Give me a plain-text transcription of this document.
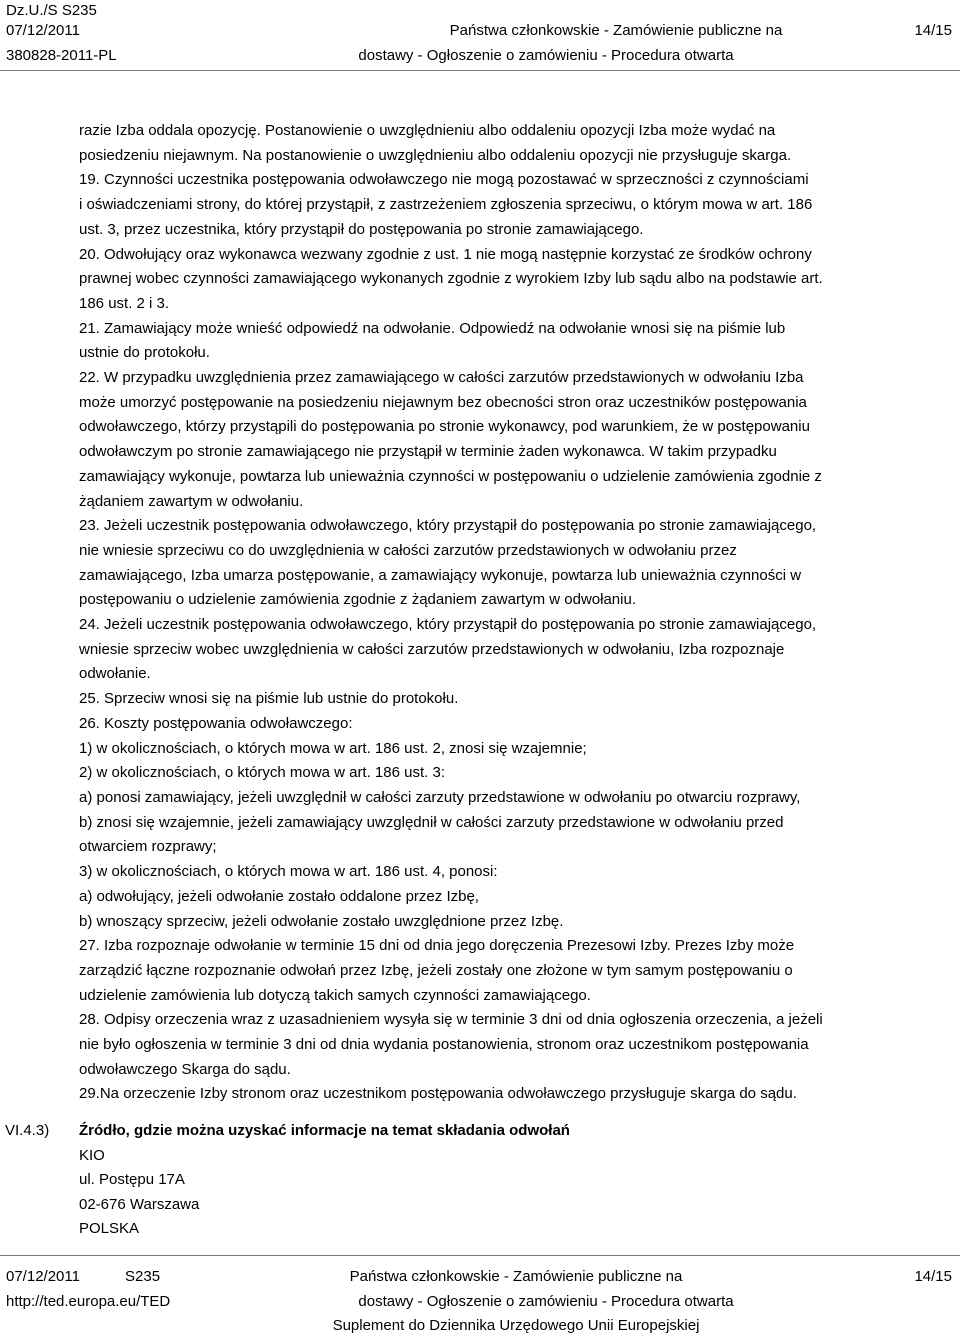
Dz.U./S S235
07/12/2011
380828-2011-PL
Państwa członkowskie - Zamówienie publiczne na
dostawy - Ogłoszenie o zamówieniu - Procedura otwarta
14/15

razie Izba oddala opozycję. Postanowienie o uwzględnieniu albo oddaleniu opozycji Izba może wydać na

posiedzeniu niejawnym. Na postanowienie o uwzględnieniu albo oddaleniu opozycji nie przysługuje skarga.

19. Czynności uczestnika postępowania odwoławczego nie mogą pozostawać w sprzeczności z czynnościami

i oświadczeniami strony, do której przystąpił, z zastrzeżeniem zgłoszenia sprzeciwu, o którym mowa w art. 186

ust. 3, przez uczestnika, który przystąpił do postępowania po stronie zamawiającego.

20. Odwołujący oraz wykonawca wezwany zgodnie z ust. 1 nie mogą następnie korzystać ze środków ochrony

prawnej wobec czynności zamawiającego wykonanych zgodnie z wyrokiem Izby lub sądu albo na podstawie art.

186 ust. 2 i 3.

21. Zamawiający może wnieść odpowiedź na odwołanie. Odpowiedź na odwołanie wnosi się na piśmie lub

ustnie do protokołu.

22. W przypadku uwzględnienia przez zamawiającego w całości zarzutów przedstawionych w odwołaniu Izba

może umorzyć postępowanie na posiedzeniu niejawnym bez obecności stron oraz uczestników postępowania

odwoławczego, którzy przystąpili do postępowania po stronie wykonawcy, pod warunkiem, że w postępowaniu

odwoławczym po stronie zamawiającego nie przystąpił w terminie żaden wykonawca. W takim przypadku

zamawiający wykonuje, powtarza lub unieważnia czynności w postępowaniu o udzielenie zamówienia zgodnie z

żądaniem zawartym w odwołaniu.

23. Jeżeli uczestnik postępowania odwoławczego, który przystąpił do postępowania po stronie zamawiającego,

nie wniesie sprzeciwu co do uwzględnienia w całości zarzutów przedstawionych w odwołaniu przez

zamawiającego, Izba umarza postępowanie, a zamawiający wykonuje, powtarza lub unieważnia czynności w

postępowaniu o udzielenie zamówienia zgodnie z żądaniem zawartym w odwołaniu.

24. Jeżeli uczestnik postępowania odwoławczego, który przystąpił do postępowania po stronie zamawiającego,

wniesie sprzeciw wobec uwzględnienia w całości zarzutów przedstawionych w odwołaniu, Izba rozpoznaje

odwołanie.

25. Sprzeciw wnosi się na piśmie lub ustnie do protokołu.

26. Koszty postępowania odwoławczego:

1) w okolicznościach, o których mowa w art. 186 ust. 2, znosi się wzajemnie;

2) w okolicznościach, o których mowa w art. 186 ust. 3:

a) ponosi zamawiający, jeżeli uwzględnił w całości zarzuty przedstawione w odwołaniu po otwarciu rozprawy,

b) znosi się wzajemnie, jeżeli zamawiający uwzględnił w całości zarzuty przedstawione w odwołaniu przed

otwarciem rozprawy;

3) w okolicznościach, o których mowa w art. 186 ust. 4, ponosi:

a) odwołujący, jeżeli odwołanie zostało oddalone przez Izbę,

b) wnoszący sprzeciw, jeżeli odwołanie zostało uwzględnione przez Izbę.

27. Izba rozpoznaje odwołanie w terminie 15 dni od dnia jego doręczenia Prezesowi Izby. Prezes Izby może

zarządzić łączne rozpoznanie odwołań przez Izbę, jeżeli zostały one złożone w tym samym postępowaniu o

udzielenie zamówienia lub dotyczą takich samych czynności zamawiającego.

28. Odpisy orzeczenia wraz z uzasadnieniem wysyła się w terminie 3 dni od dnia ogłoszenia orzeczenia, a jeżeli

nie było ogłoszenia w terminie 3 dni od dnia wydania postanowienia, stronom oraz uczestnikom postępowania

odwoławczego Skarga do sądu.

29.Na orzeczenie Izby stronom oraz uczestnikom postępowania odwoławczego przysługuje skarga do sądu.

VI.4.3) Źródło, gdzie można uzyskać informacje na temat składania odwołań
KIO
ul. Postępu 17A
02-676 Warszawa
POLSKA
07/12/2011	S235
http://ted.europa.eu/TED
Państwa członkowskie - Zamówienie publiczne na
dostawy - Ogłoszenie o zamówieniu - Procedura otwarta
Suplement do Dziennika Urzędowego Unii Europejskiej
14/15
